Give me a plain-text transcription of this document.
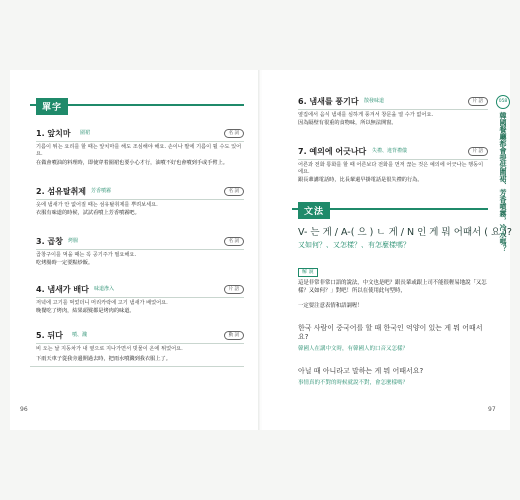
單字
1. 앞치마 圍裙	名 詞
기름이 튀는 요리를 할 때는 앞치마를 해도 조심해야 해요. 손이나 팔에 기름이 튈 수도 있어요.
在做會噴油的料理時，即使穿着圍裙也要小心才行，油噴不好也會噴到手或手臂上。
2. 섬유탈취제 芳香噴霧	名 詞
옷에 냄새가 안 없어질 때는 섬유탈취제를 뿌려보세요.
衣服有味道的時候，試試看噴上芳香噴霧吧。
3. 곱창 烤腸	名 詞
곱창구이를 먹을 때는 꼭 공기주가 필요해요.
吃烤腸時一定要點炒飯。
4. 냄새가 배다 味道滲入	片 語
저녁에 고기를 먹었더니 머리카락에 고기 냄새가 배었어요.
晚餐吃了烤肉，結果頭髮都是烤肉的味道。
5. 뒤다 噴、濺	動 詞
비 오는 날 지동차가 내 옆으로 지나가면서 빗물이 온에 튀었어요.
下雨天車子從我旁邊開過去時，把雨水噴濺到我衣服上了。
96
6. 냄새를 풍기다 散發味道	片 語
옆집에서 음식 냄새를 심하게 풍겨서 창문을 열 수가 없어요.
因為隔壁有很重的食物味，所以無法開窗。
7. 예의에 어긋나다 失禮、違背禮儀	片 語
어른과 전화 통화를 할 때 어른보다 전화를 먼저 끊는 것은 예의에 어긋나는 행동이에요.
跟長輩講電話時，比長輩還早掛電話是很失禮的行為。
文法
V- 는 게 / A-( 으 ) ㄴ 게 / N 인 게 뭐 어때서 ( 요 )?
又如何？、又怎樣？、有怎麼樣嗎？
解 說
這是非常非常口語的說法，中文也是吧？跟長輩或跟上司不能很輕易地說「又怎樣？又如何？」對吧！所以在使用此句型時，
一定要注意表情和語調喔！
한국 사람이 중국어를 할 때 한국인 억양이 있는 게 뭐 어때서요?
韓國人在講中文時，有韓國人的口音又怎樣？
아닐 때 아니라고 말하는 게 뭐 어때서요?
事情真的不對的時候就說不對，會怎麼樣嗎？
97
058
韓國餐廳都會提供圍裙、芳香噴霧，冷水嗎？
